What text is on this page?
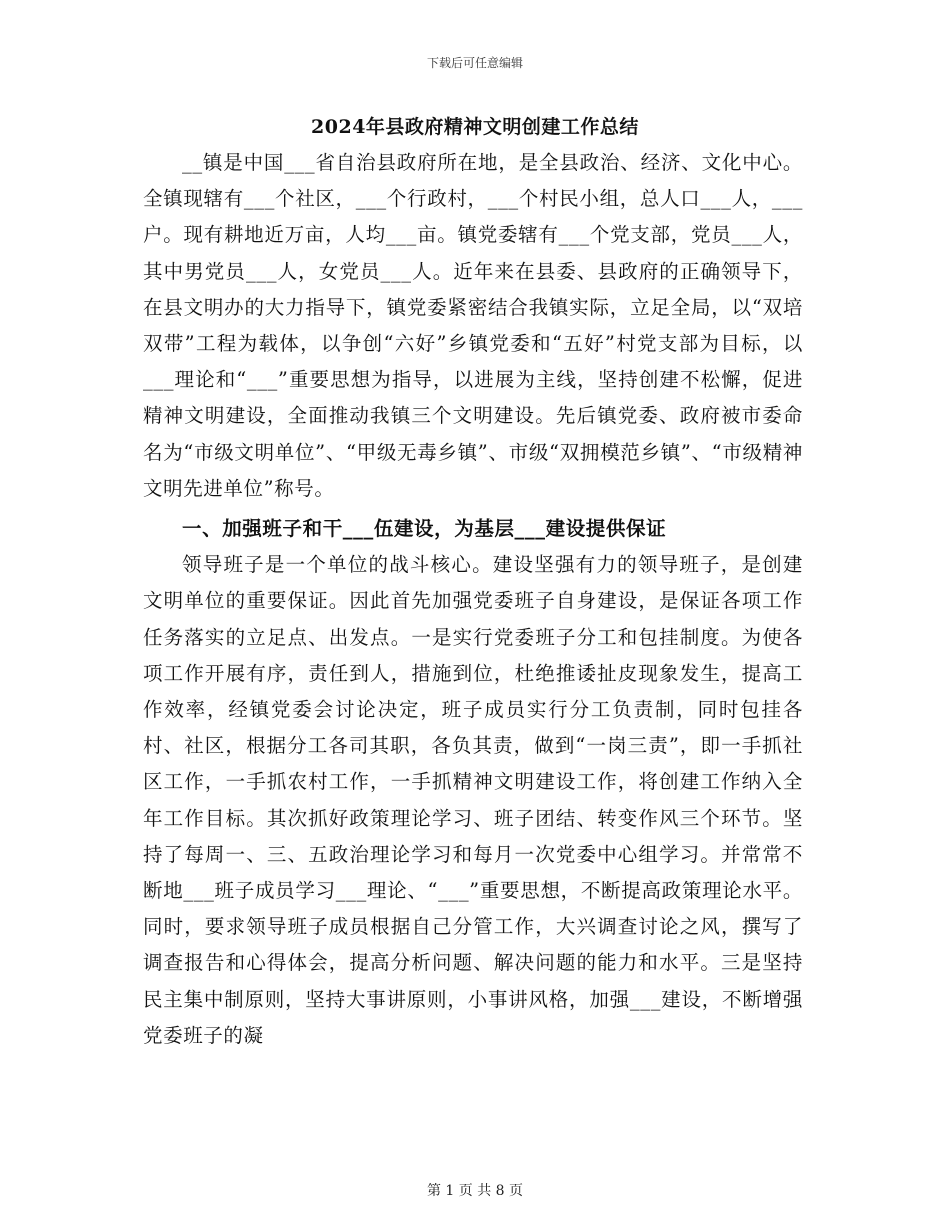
下载后可任意编辑
2024年县政府精神文明创建工作总结

__镇是中国___省自治县政府所在地，是全县政治、经济、文化中心。全镇现辖有___个社区，___个行政村，___个村民小组，总人口___人，___户。现有耕地近万亩，人均___亩。镇党委辖有___个党支部，党员___人，其中男党员___人，女党员___人。近年来在县委、县政府的正确领导下，在县文明办的大力指导下，镇党委紧密结合我镇实际，立足全局，以“双培双带”工程为载体，以争创“六好”乡镇党委和“五好”村党支部为目标，以___理论和“___”重要思想为指导，以进展为主线，坚持创建不松懈，促进精神文明建设，全面推动我镇三个文明建设。先后镇党委、政府被市委命名为“市级文明单位”、“甲级无毒乡镇”、市级“双拥模范乡镇”、“市级精神文明先进单位”称号。

一、加强班子和干___伍建设，为基层___建设提供保证

领导班子是一个单位的战斗核心。建设坚强有力的领导班子，是创建文明单位的重要保证。因此首先加强党委班子自身建设，是保证各项工作任务落实的立足点、出发点。一是实行党委班子分工和包挂制度。为使各项工作开展有序，责任到人，措施到位，杜绝推诿扯皮现象发生，提高工作效率，经镇党委会讨论决定，班子成员实行分工负责制，同时包挂各村、社区，根据分工各司其职，各负其责，做到“一岗三责”，即一手抓社区工作，一手抓农村工作，一手抓精神文明建设工作，将创建工作纳入全年工作目标。其次抓好政策理论学习、班子团结、转变作风三个环节。坚持了每周一、三、五政治理论学习和每月一次党委中心组学习。并常常不断地___班子成员学习___理论、“___”重要思想，不断提高政策理论水平。同时，要求领导班子成员根据自己分管工作，大兴调查讨论之风，撰写了调查报告和心得体会，提高分析问题、解决问题的能力和水平。三是坚持民主集中制原则，坚持大事讲原则，小事讲风格，加强___建设，不断增强党委班子的凝

第 1 页 共 8 页
